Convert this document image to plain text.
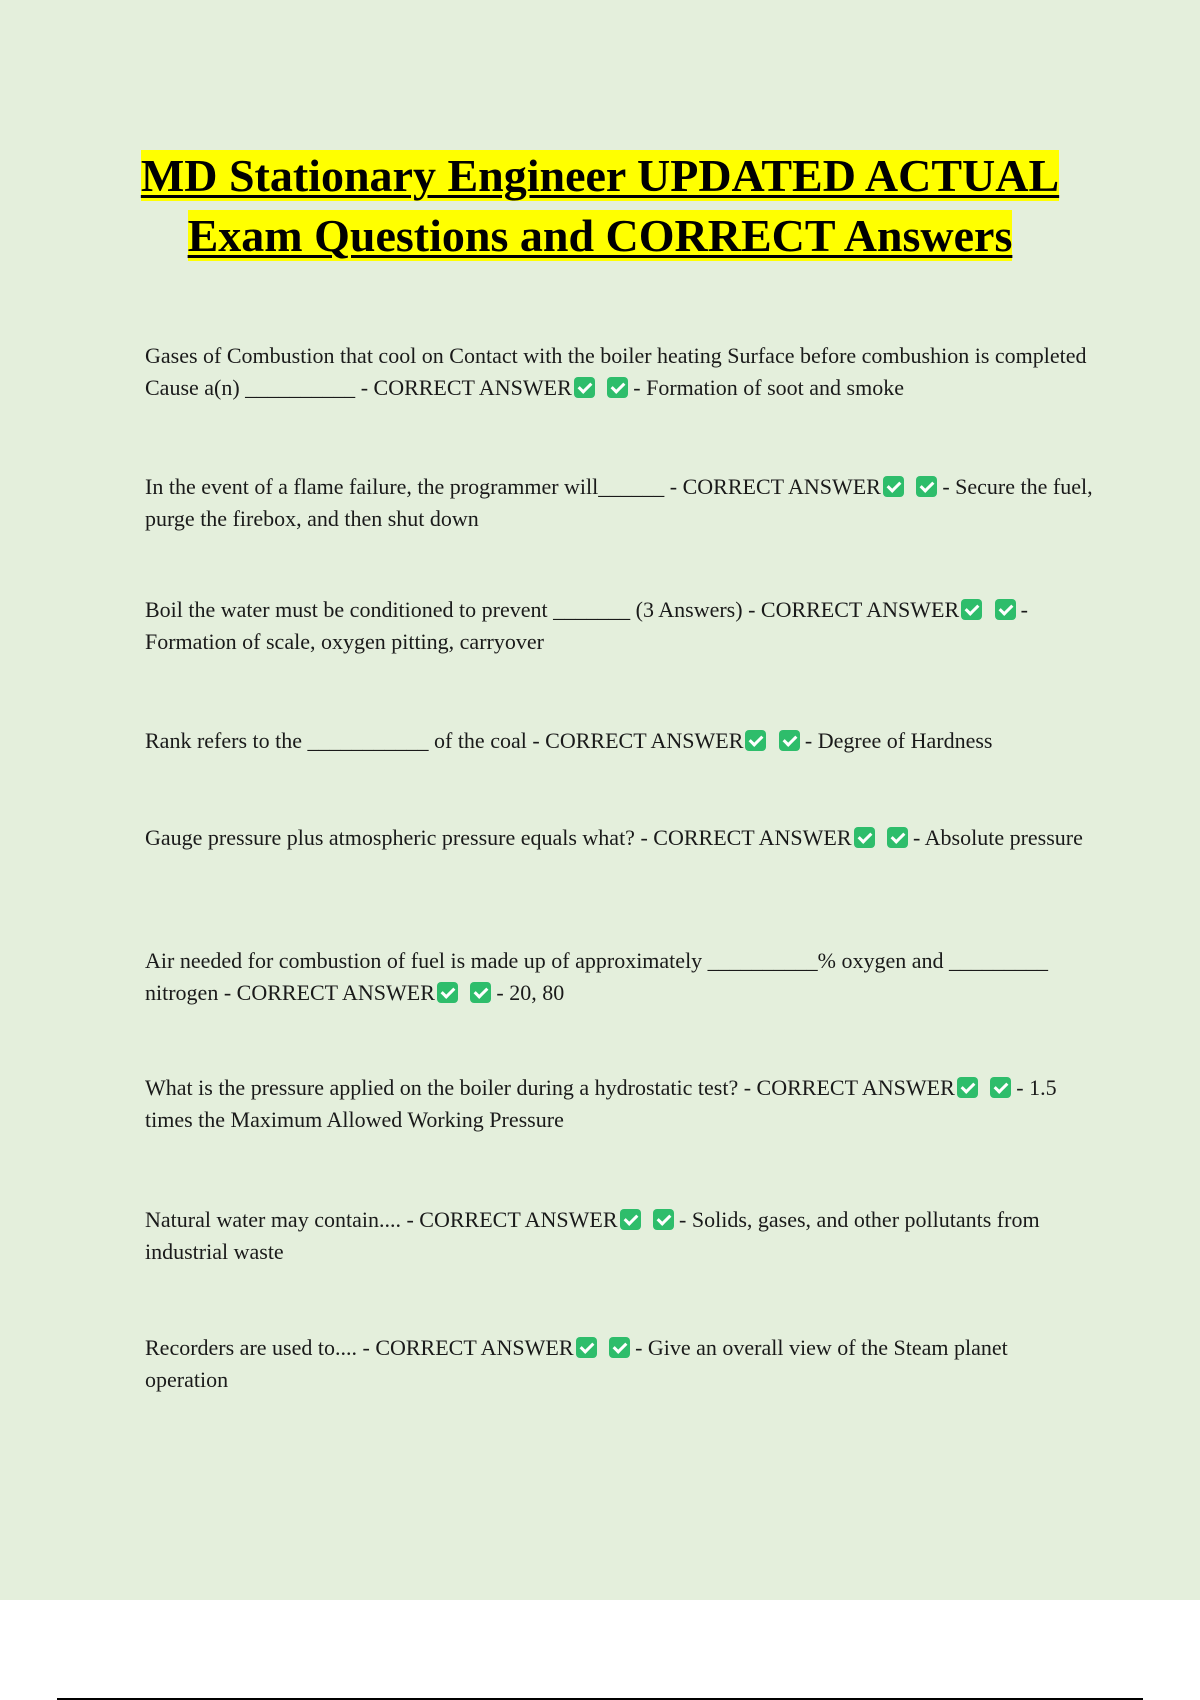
MD Stationary Engineer UPDATED ACTUAL Exam Questions and CORRECT Answers

Gases of Combustion that cool on Contact with the boiler heating Surface before combushion is completed Cause a(n) __________ - CORRECT ANSWER	- Formation of soot and smoke

In the event of a flame failure, the programmer will______ - CORRECT ANSWER	- Secure the fuel, purge the firebox, and then shut down

Boil the water must be conditioned to prevent _______ (3 Answers) - CORRECT ANSWER	- Formation of scale, oxygen pitting, carryover

Rank refers to the ___________ of the coal - CORRECT ANSWER	- Degree of Hardness

Gauge pressure plus atmospheric pressure equals what? - CORRECT ANSWER	- Absolute pressure

Air needed for combustion of fuel is made up of approximately __________% oxygen and _________ nitrogen - CORRECT ANSWER	- 20, 80

What is the pressure applied on the boiler during a hydrostatic test? - CORRECT ANSWER	- 1.5 times the Maximum Allowed Working Pressure

Natural water may contain.... - CORRECT ANSWER	- Solids, gases, and other pollutants from industrial waste

Recorders are used to.... - CORRECT ANSWER	- Give an overall view of the Steam planet operation
